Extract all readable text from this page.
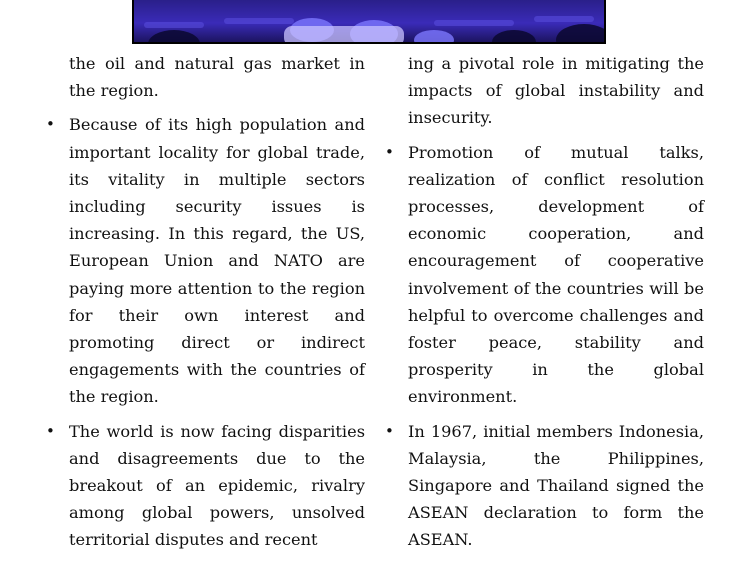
the oil and natural gas market in the region.

• Because of its high population and important locality for global trade, its vitality in multiple sectors including security issues is increasing. In this regard, the US, European Union and NATO are paying more attention to the region for their own interest and promoting direct or indirect engagements with the countries of the region.

• The world is now facing disparities and disagreements due to the breakout of an epidemic, rivalry among global powers, unsolved territorial disputes and recent

ing a pivotal role in mitigating the impacts of global instability and insecurity.

• Promotion of mutual talks, realization of conflict resolution processes, development of economic cooperation, and encouragement of cooperative involvement of the countries will be helpful to overcome challenges and foster peace, stability and prosperity in the global environment.

• In 1967, initial members Indonesia, Malaysia, the Philippines, Singapore and Thailand signed the ASEAN declaration to form the ASEAN.
